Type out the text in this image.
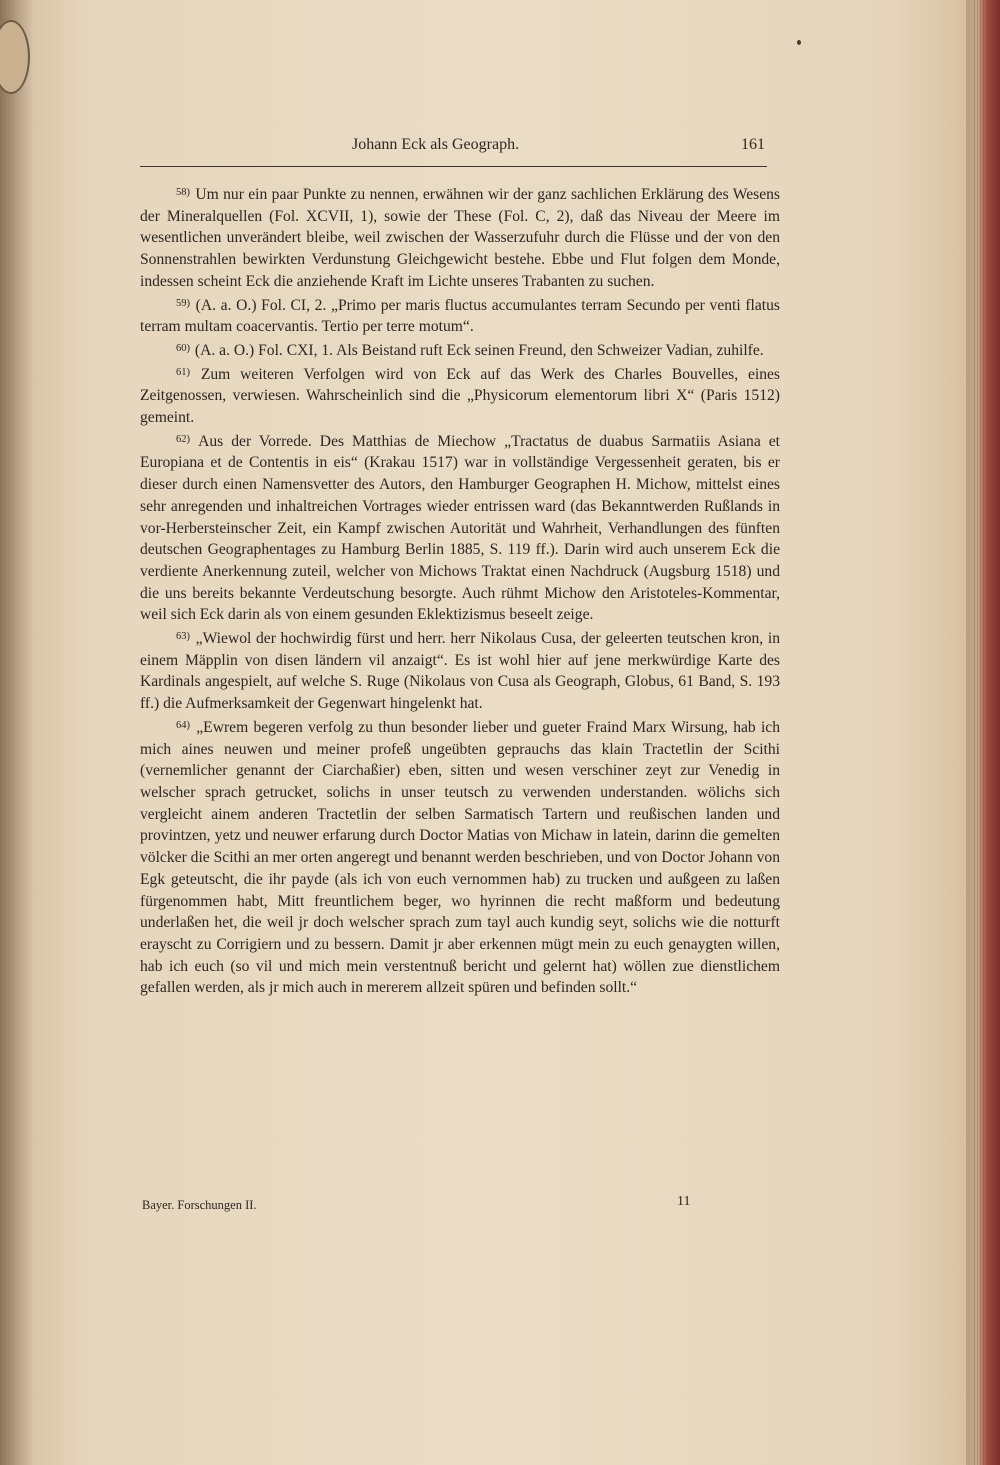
Johann Eck als Geograph.	161

$^{58)}$ Um nur ein paar Punkte zu nennen, erwähnen wir der ganz sachlichen Erklärung des Wesens der Mineralquellen (Fol. XCVII, 1), sowie der These (Fol. C, 2), daß das Niveau der Meere im wesentlichen unverändert bleibe, weil zwischen der Wasserzufuhr durch die Flüsse und der von den Sonnenstrahlen bewirkten Verdunstung Gleichgewicht bestehe. Ebbe und Flut folgen dem Monde, indessen scheint Eck die anziehende Kraft im Lichte unseres Trabanten zu suchen.

$^{59)}$ (A. a. O.) Fol. CI, 2. „Primo per maris fluctus accumulantes terram Secundo per venti flatus terram multam coacervantis. Tertio per terre motum“.

$^{60)}$ (A. a. O.) Fol. CXI, 1. Als Beistand ruft Eck seinen Freund, den Schweizer Vadian, zuhilfe.

$^{61)}$ Zum weiteren Verfolgen wird von Eck auf das Werk des Charles Bouvelles, eines Zeitgenossen, verwiesen. Wahrscheinlich sind die „Physicorum elementorum libri X“ (Paris 1512) gemeint.

$^{62)}$ Aus der Vorrede. Des Matthias de Miechow „Tractatus de duabus Sarmatiis Asiana et Europiana et de Contentis in eis“ (Krakau 1517) war in vollständige Vergessenheit geraten, bis er dieser durch einen Namensvetter des Autors, den Hamburger Geographen H. Michow, mittelst eines sehr anregenden und inhaltreichen Vortrages wieder entrissen ward (das Bekanntwerden Rußlands in vor-Herbersteinscher Zeit, ein Kampf zwischen Autorität und Wahrheit, Verhandlungen des fünften deutschen Geographentages zu Hamburg Berlin 1885, S. 119 ff.). Darin wird auch unserem Eck die verdiente Anerkennung zuteil, welcher von Michows Traktat einen Nachdruck (Augsburg 1518) und die uns bereits bekannte Verdeutschung besorgte. Auch rühmt Michow den Aristoteles-Kommentar, weil sich Eck darin als von einem gesunden Eklektizismus beseelt zeige.

$^{63)}$ „Wiewol der hochwirdig fürst und herr. herr Nikolaus Cusa, der geleerten teutschen kron, in einem Mäpplin von disen ländern vil anzaigt“. Es ist wohl hier auf jene merkwürdige Karte des Kardinals angespielt, auf welche S. Ruge (Nikolaus von Cusa als Geograph, Globus, 61 Band, S. 193 ff.) die Aufmerksamkeit der Gegenwart hingelenkt hat.

$^{64)}$ „Ewrem begeren verfolg zu thun besonder lieber und gueter Fraind Marx Wirsung, hab ich mich aines neuwen und meiner profeß ungeübten geprauchs das klain Tractetlin der Scithi (vernemlicher genannt der Ciarchaßier) eben, sitten und wesen verschiner zeyt zur Venedig in welscher sprach getrucket, solichs in unser teutsch zu verwenden understanden. wölichs sich vergleicht ainem anderen Tractetlin der selben Sarmatisch Tartern und reußischen landen und provintzen, yetz und neuwer erfarung durch Doctor Matias von Michaw in latein, darinn die gemelten völcker die Scithi an mer orten angeregt und benannt werden beschrieben, und von Doctor Johann von Egk geteutscht, die ihr payde (als ich von euch vernommen hab) zu trucken und außgeen zu laßen fürgenommen habt, Mitt freuntlichem beger, wo hyrinnen die recht maßform und bedeutung underlaßen het, die weil jr doch welscher sprach zum tayl auch kundig seyt, solichs wie die notturft erayscht zu Corrigiern und zu bessern. Damit jr aber erkennen mügt mein zu euch genaygten willen, hab ich euch (so vil und mich mein verstentnuß bericht und gelernt hat) wöllen zue dienstlichem gefallen werden, als jr mich auch in mererem allzeit spüren und befinden sollt.“

Bayer. Forschungen II.	11
